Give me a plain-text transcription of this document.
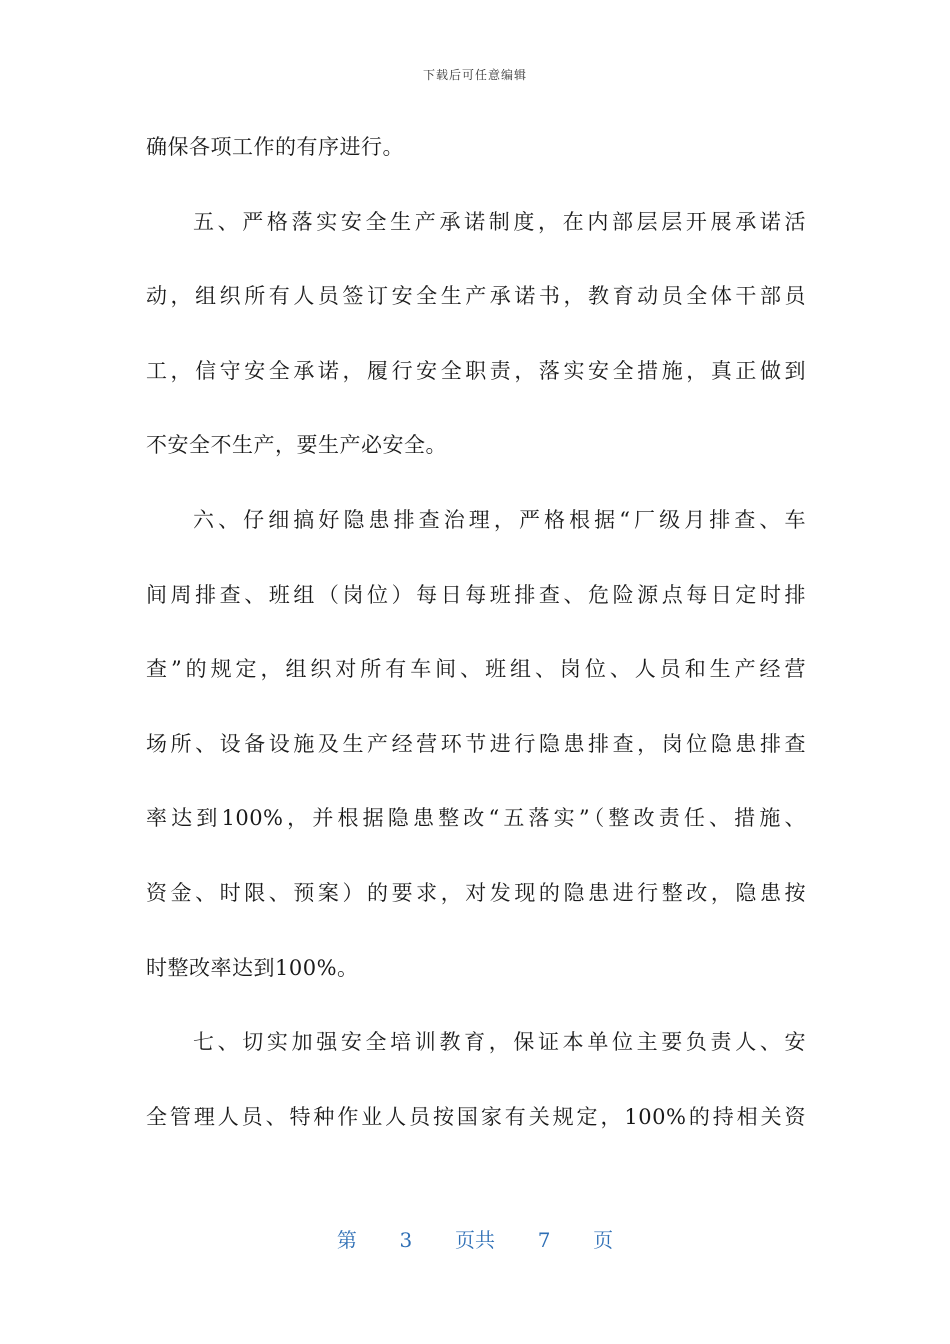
下载后可任意编辑
确保各项工作的有序进行。
五、严格落实安全生产承诺制度，在内部层层开展承诺活
动，组织所有人员签订安全生产承诺书，教育动员全体干部员
工，信守安全承诺，履行安全职责，落实安全措施，真正做到
不安全不生产，要生产必安全。
六、仔细搞好隐患排查治理，严格根据“厂级月排查、车
间周排查、班组（岗位）每日每班排查、危险源点每日定时排
查”的规定，组织对所有车间、班组、岗位、人员和生产经营
场所、设备设施及生产经营环节进行隐患排查，岗位隐患排查
率达到100%，并根据隐患整改“五落实”（整改责任、措施、
资金、时限、预案）的要求，对发现的隐患进行整改，隐患按
时整改率达到100%。
七、切实加强安全培训教育，保证本单位主要负责人、安
全管理人员、特种作业人员按国家有关规定，100%的持相关资
第 3 页共 7 页
